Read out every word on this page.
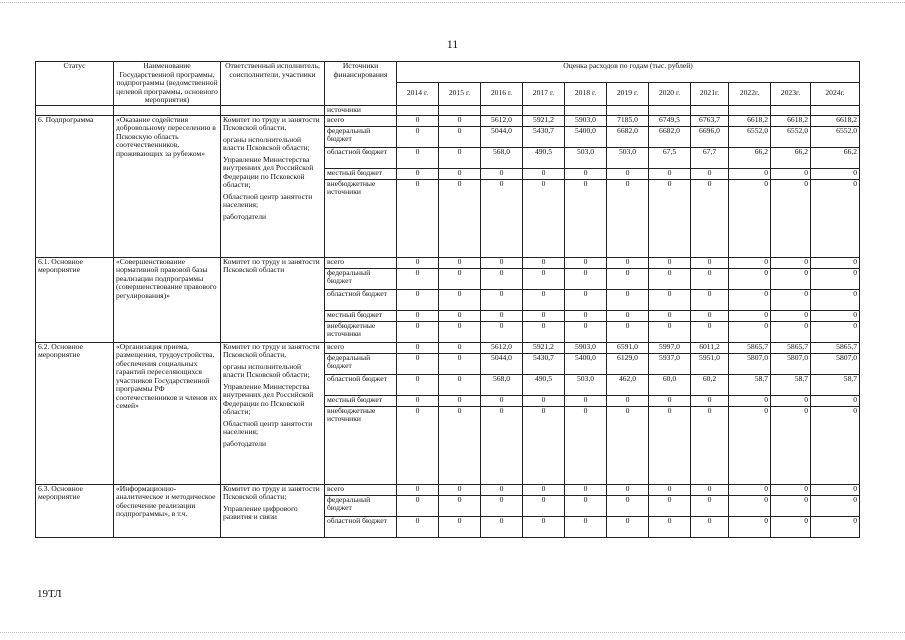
11
Статус	Наименование Государственной программы, подпрограммы (ведомственной целевой программы, основного мероприятия)	Ответственный исполнитель, соисполнители, участники	Источники финансирования	Оценка расходов по годам (тыс. рублей)										
				2014 г.	2015 г.	2016 г.	2017 г.	2018 г.	2019 г.	2020 г.	2021г.	2022г.	2023г.	2024г.
			источники											
6. Подпрограмма	«Оказание содействия добровольному переселению в Псковскую область соотечественников, проживающих за рубежом»	Комитет по труду и занятости Псковской области,
органы исполнительной власти Псковской области;
Управление Министерства внутренних дел Российской Федерации по Псковской области;
Областной центр занятости населения;
работодатели	всего	0	0	5612,0	5921,2	5903,0	7185,0	6749,5	6763,7	6618,2	6618,2	6618,2
			федеральный бюджет	0	0	5044,0	5430,7	5400,0	6682,0	6682,0	6696,0	6552,0	6552,0	6552,0
			областной бюджет	0	0	568,0	490,5	503,0	503,0	67,5	67,7	66,2	66,2	66,2
			местный бюджет	0	0	0	0	0	0	0	0	0	0	0
			внебюджетные источники	0	0	0	0	0	0	0	0	0	0	0
6.1. Основное мероприятие	«Совершенствование нормативной правовой базы реализации подпрограммы (совершенствование правового регулирования)»	Комитет по труду и занятости Псковской области	всего	0	0	0	0	0	0	0	0	0	0	0
			федеральный бюджет	0	0	0	0	0	0	0	0	0	0	0
			областной бюджет	0	0	0	0	0	0	0	0	0	0	0
			местный бюджет	0	0	0	0	0	0	0	0	0	0	0
			внебюджетные источники	0	0	0	0	0	0	0	0	0	0	0
6.2. Основное мероприятие	«Организация приема, размещения, трудоустройства, обеспечения социальных гарантий переселяющихся участников Государственной программы РФ соотечественников и членов их семей»	Комитет по труду и занятости Псковской области,
органы исполнительной власти Псковской области;
Управление Министерства внутренних дел Российской Федерации по Псковской области;
Областной центр занятости населения;
работодатели	всего	0	0	5612,0	5921,2	5903,0	6591,0	5997,0	6011,2	5865,7	5865,7	5865,7
			федеральный бюджет	0	0	5044,0	5430,7	5400,0	6129,0	5937,0	5951,0	5807,0	5807,0	5807,0
			областной бюджет	0	0	568,0	490,5	503,0	462,0	60,0	60,2	58,7	58,7	58,7
			местный бюджет	0	0	0	0	0	0	0	0	0	0	0
			внебюджетные источники	0	0	0	0	0	0	0	0	0	0	0
6.3. Основное мероприятие	«Информационно-аналитическое и методическое обеспечение реализации подпрограммы», в т.ч.	Комитет по труду и занятости Псковской области;
Управление цифрового развития и связи	всего	0	0	0	0	0	0	0	0	0	0	0
			федеральный бюджет	0	0	0	0	0	0	0	0	0	0	0
			областной бюджет	0	0	0	0	0	0	0	0	0	0	0
19ТЛ
